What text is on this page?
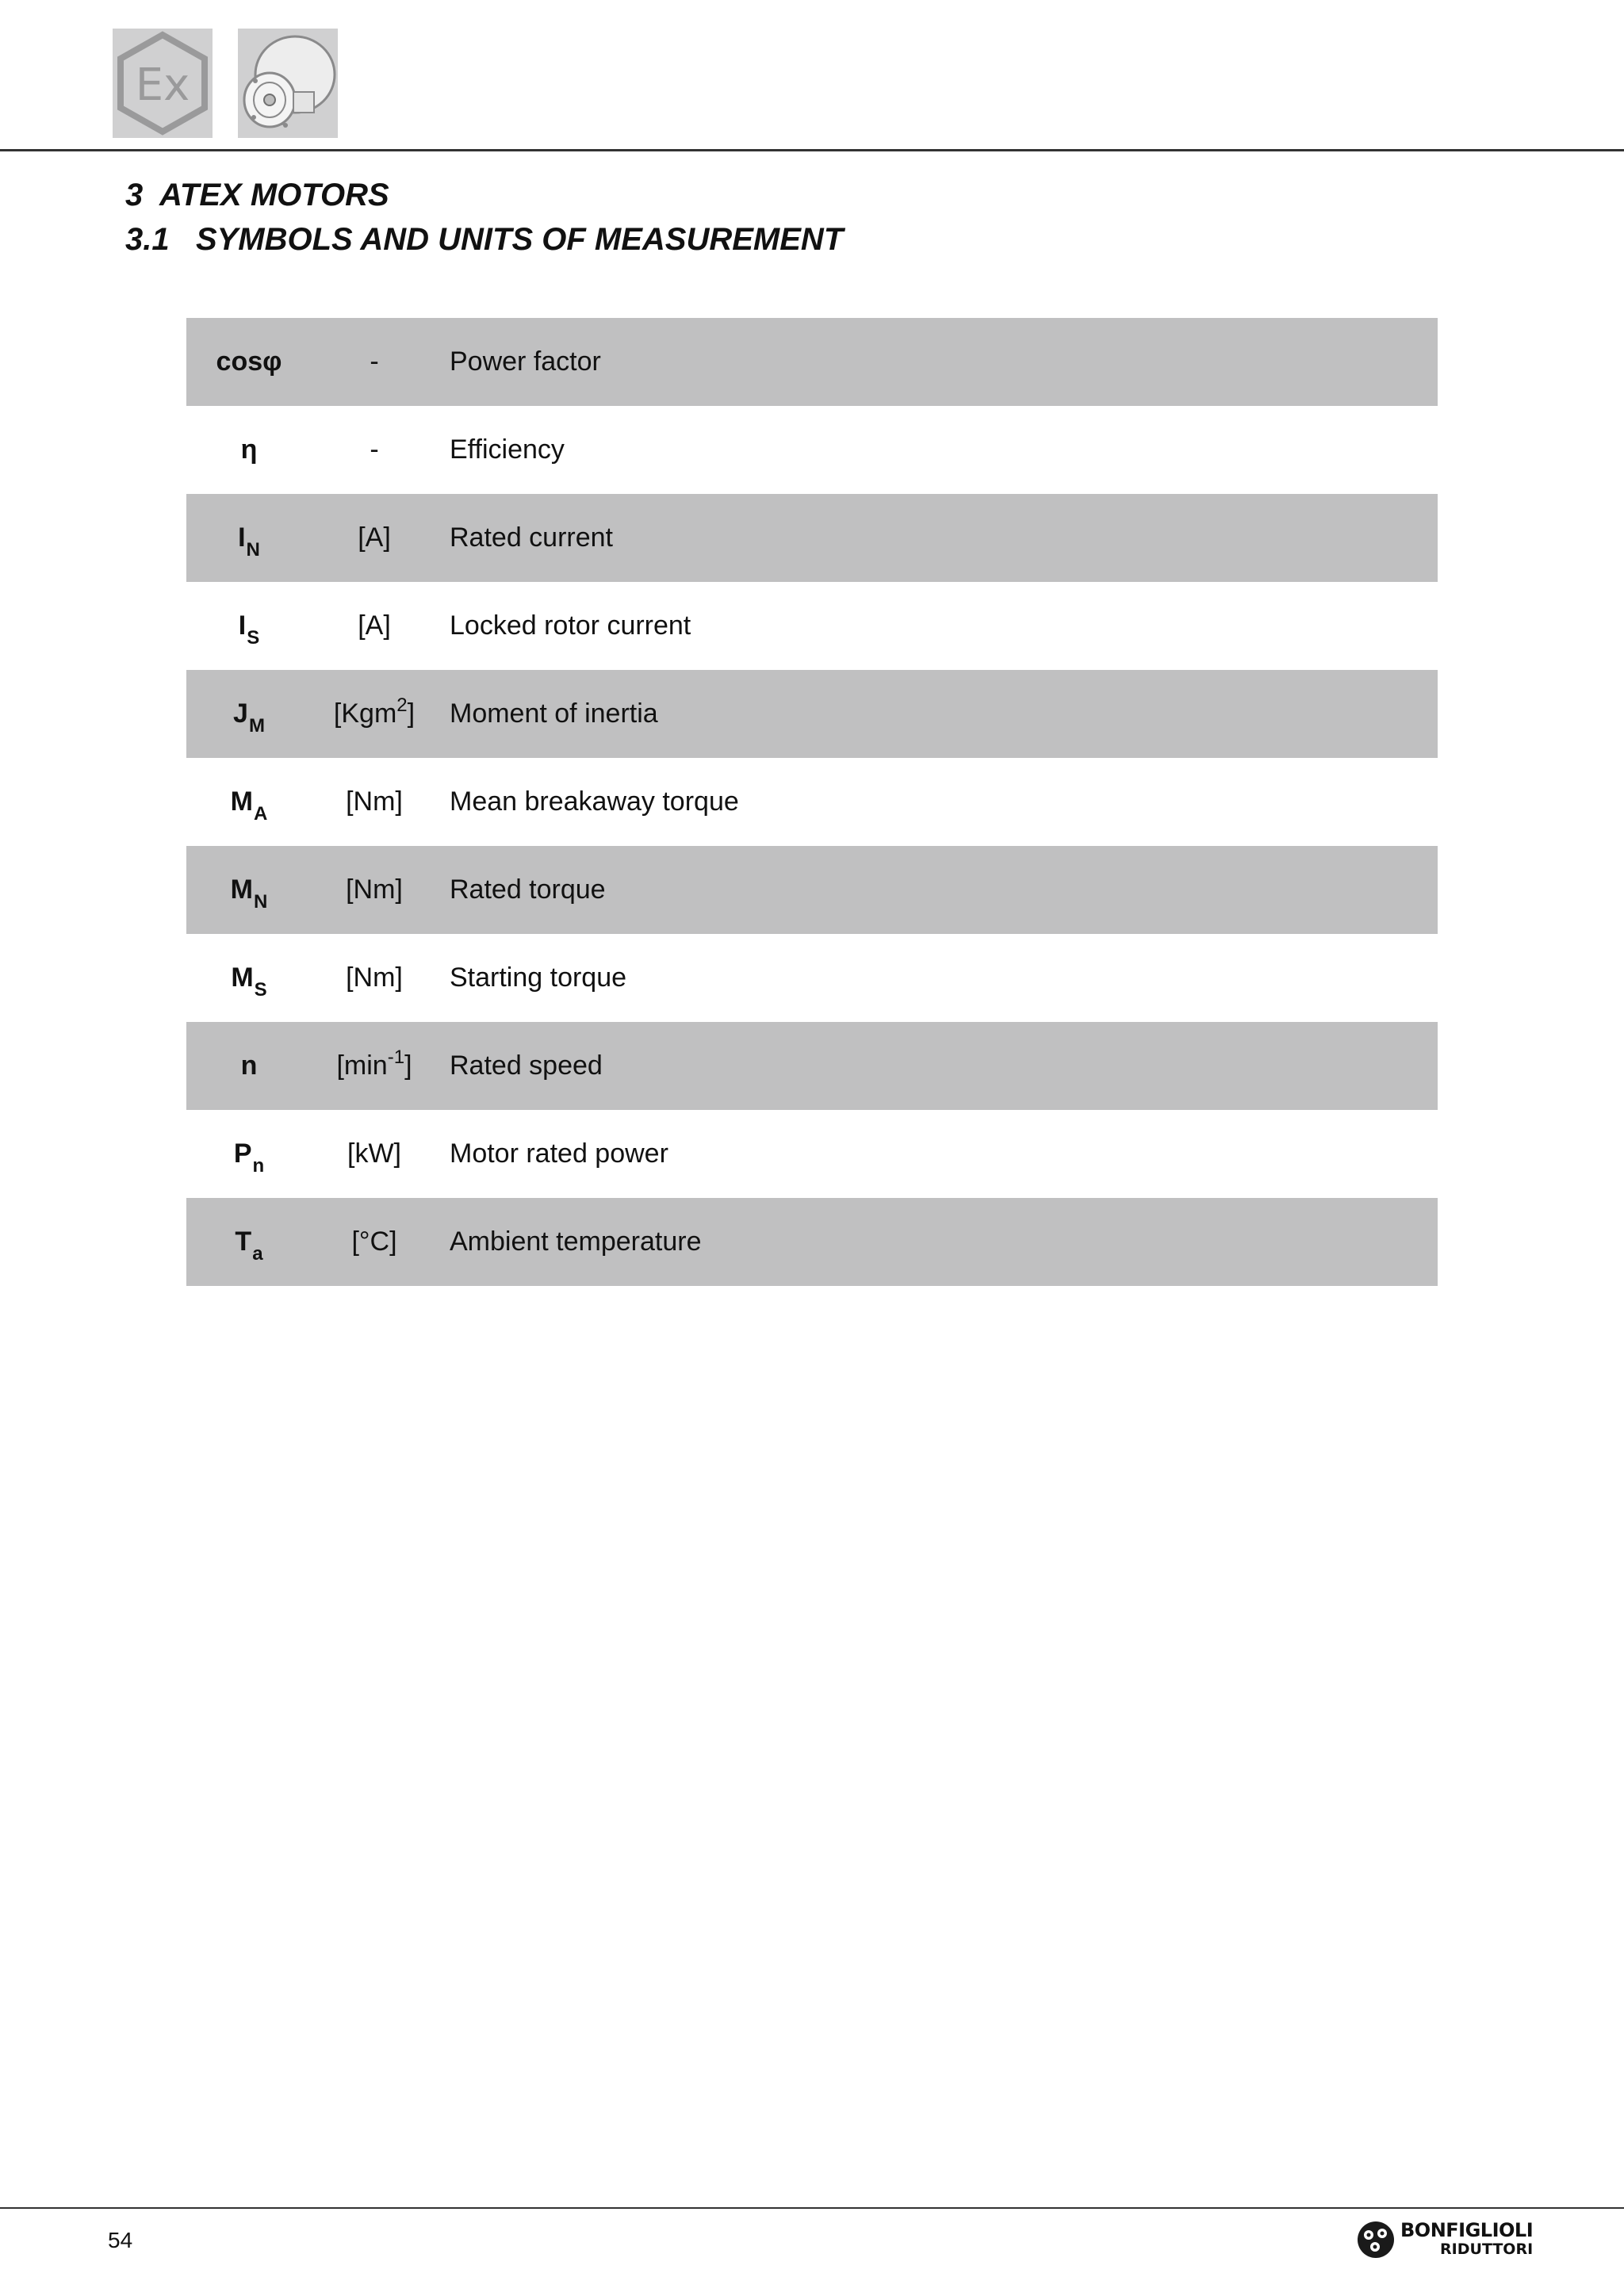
Ex
3  ATEX MOTORS
3.1   SYMBOLS AND UNITS OF MEASUREMENT
cosφ	-	Power factor
η	-	Efficiency
$I_N$	[A]	Rated current
$I_S$	[A]	Locked rotor current
$J_M$	[Kgm$^2$]	Moment of inertia
$M_A$	[Nm]	Mean breakaway torque
$M_N$	[Nm]	Rated torque
$M_S$	[Nm]	Starting torque
n	$[\min^{-1}]$	Rated speed
$P_n$	[kW]	Motor rated power
$T_a$	[°C]	Ambient temperature
54	BONFIGLIOLI
RIDUTTORI
